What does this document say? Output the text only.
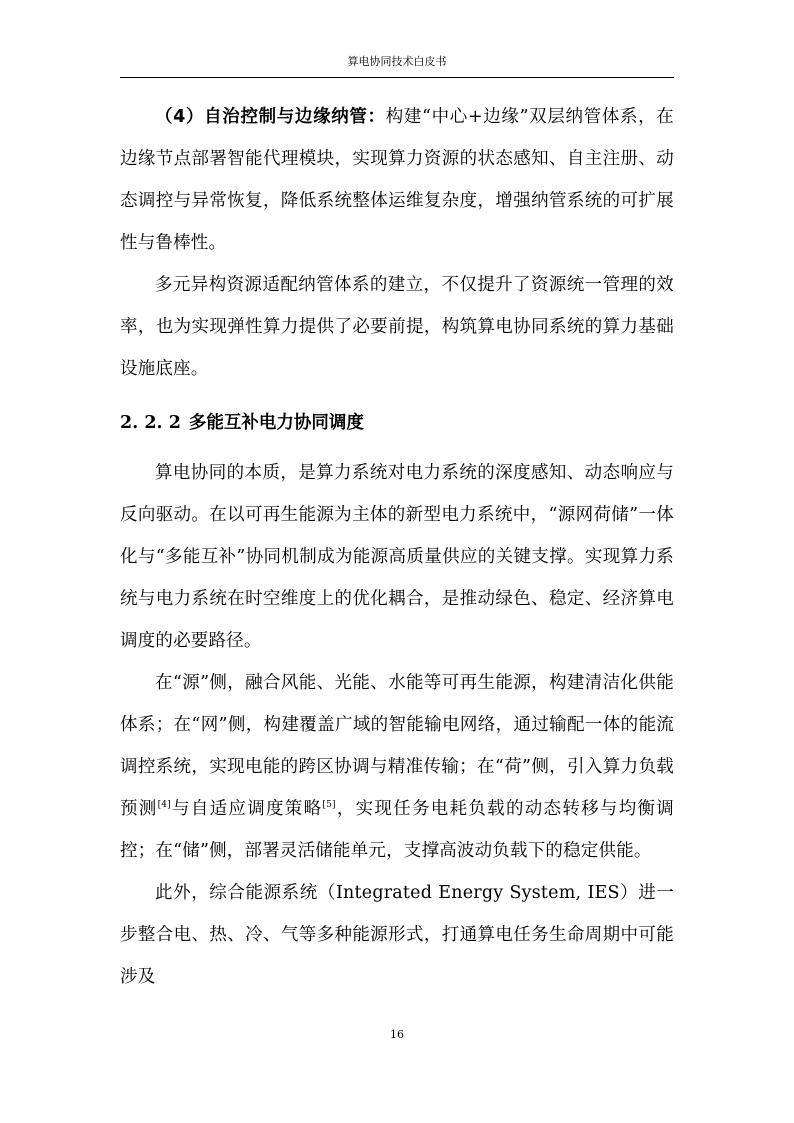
算电协同技术白皮书

（4）自治控制与边缘纳管：构建“中心+边缘”双层纳管体系，在边缘节点部署智能代理模块，实现算力资源的状态感知、自主注册、动态调控与异常恢复，降低系统整体运维复杂度，增强纳管系统的可扩展性与鲁棒性。

多元异构资源适配纳管体系的建立，不仅提升了资源统一管理的效率，也为实现弹性算力提供了必要前提，构筑算电协同系统的算力基础设施底座。

2. 2. 2 多能互补电力协同调度

算电协同的本质，是算力系统对电力系统的深度感知、动态响应与反向驱动。在以可再生能源为主体的新型电力系统中，“源网荷储”一体化与“多能互补”协同机制成为能源高质量供应的关键支撑。实现算力系统与电力系统在时空维度上的优化耦合，是推动绿色、稳定、经济算电调度的必要路径。

在“源”侧，融合风能、光能、水能等可再生能源，构建清洁化供能体系；在“网”侧，构建覆盖广域的智能输电网络，通过输配一体的能流调控系统，实现电能的跨区协调与精准传输；在“荷”侧，引入算力负载预测[4]与自适应调度策略[5]，实现任务电耗负载的动态转移与均衡调控；在“储”侧，部署灵活储能单元，支撑高波动负载下的稳定供能。

此外，综合能源系统（Integrated Energy System, IES）进一步整合电、热、冷、气等多种能源形式，打通算电任务生命周期中可能涉及

16
